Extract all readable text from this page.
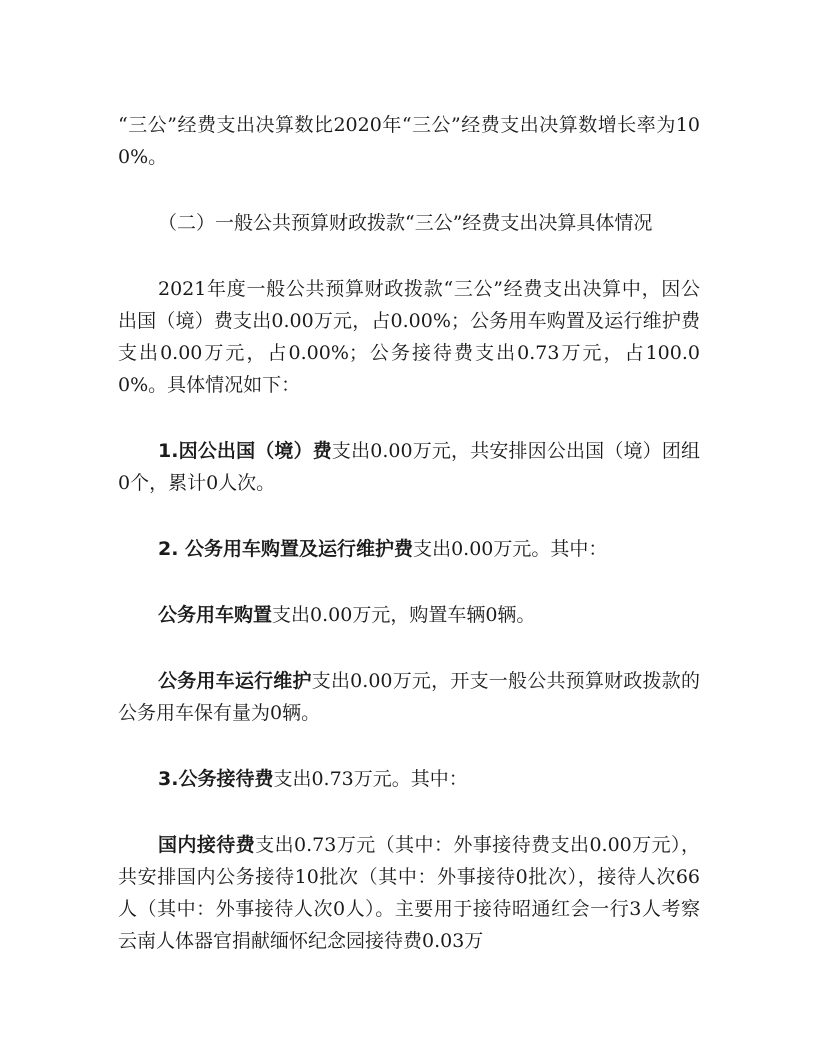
“三公”经费支出决算数比2020年“三公”经费支出决算数增长率为100%。

（二）一般公共预算财政拨款“三公”经费支出决算具体情况

2021年度一般公共预算财政拨款“三公”经费支出决算中，因公出国（境）费支出0.00万元，占0.00%；公务用车购置及运行维护费支出0.00万元，占0.00%；公务接待费支出0.73万元，占100.00%。具体情况如下：

1.因公出国（境）费支出0.00万元，共安排因公出国（境）团组0个，累计0人次。

2. 公务用车购置及运行维护费支出0.00万元。其中：

公务用车购置支出0.00万元，购置车辆0辆。

公务用车运行维护支出0.00万元，开支一般公共预算财政拨款的公务用车保有量为0辆。

3.公务接待费支出0.73万元。其中：

国内接待费支出0.73万元（其中：外事接待费支出0.00万元），共安排国内公务接待10批次（其中：外事接待0批次），接待人次66人（其中：外事接待人次0人）。主要用于接待昭通红会一行3人考察云南人体器官捐献缅怀纪念园接待费0.03万
